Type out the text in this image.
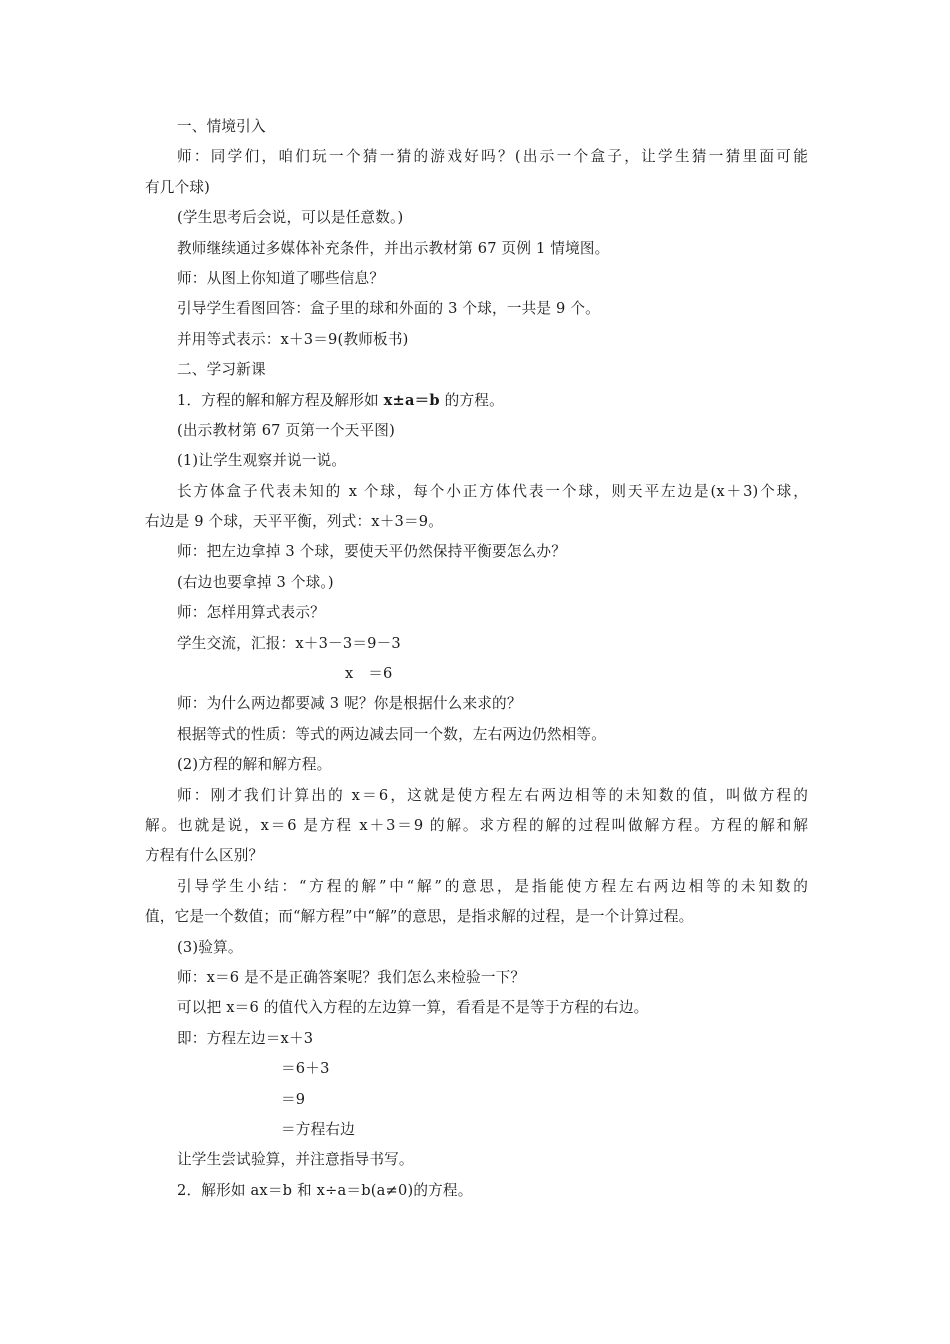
一、情境引入
师：同学们，咱们玩一个猜一猜的游戏好吗？(出示一个盒子，让学生猜一猜里面可能
有几个球)
(学生思考后会说，可以是任意数。)
教师继续通过多媒体补充条件，并出示教材第 67 页例 1 情境图。
师：从图上你知道了哪些信息？
引导学生看图回答：盒子里的球和外面的 3 个球，一共是 9 个。
并用等式表示：x＋3＝9(教师板书)
二、学习新课
1．方程的解和解方程及解形如 x±a＝b 的方程。
(出示教材第 67 页第一个天平图)
(1)让学生观察并说一说。
长方体盒子代表未知的 x 个球，每个小正方体代表一个球，则天平左边是(x＋3)个球，
右边是 9 个球，天平平衡，列式：x＋3＝9。
师：把左边拿掉 3 个球，要使天平仍然保持平衡要怎么办？
(右边也要拿掉 3 个球。)
师：怎样用算式表示？
学生交流，汇报：x＋3－3＝9－3
x　＝6
师：为什么两边都要减 3 呢？你是根据什么来求的？
根据等式的性质：等式的两边减去同一个数，左右两边仍然相等。
(2)方程的解和解方程。
师：刚才我们计算出的 x＝6，这就是使方程左右两边相等的未知数的值，叫做方程的
解。也就是说，x＝6 是方程 x＋3＝9 的解。求方程的解的过程叫做解方程。方程的解和解
方程有什么区别？
引导学生小结：“方程的解”中“解”的意思，是指能使方程左右两边相等的未知数的
值，它是一个数值；而“解方程”中“解”的意思，是指求解的过程，是一个计算过程。
(3)验算。
师：x＝6 是不是正确答案呢？我们怎么来检验一下？
可以把 x＝6 的值代入方程的左边算一算，看看是不是等于方程的右边。
即：方程左边＝x＋3
＝6＋3
＝9
＝方程右边
让学生尝试验算，并注意指导书写。
2．解形如 ax＝b 和 x÷a＝b(a≠0)的方程。
